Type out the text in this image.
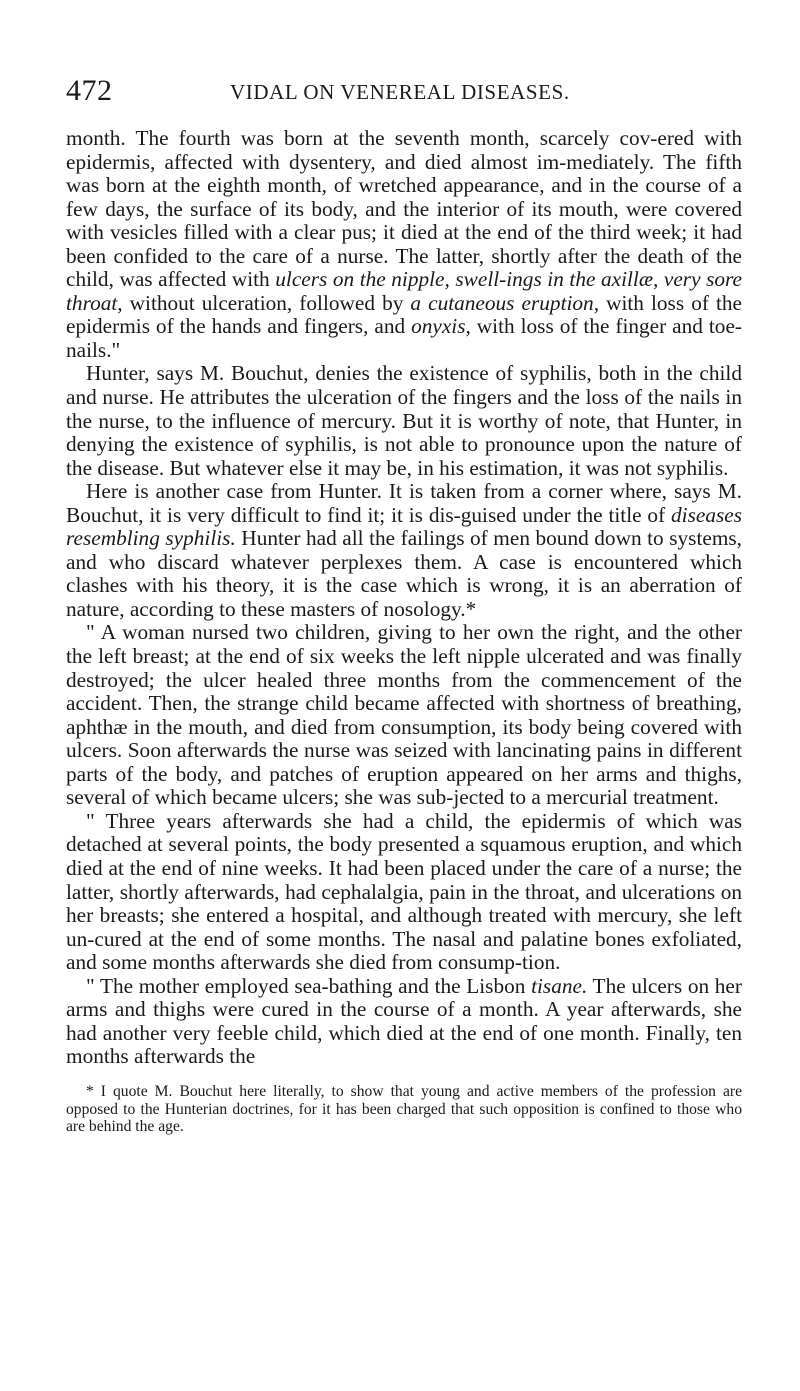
472	VIDAL ON VENEREAL DISEASES.

month. The fourth was born at the seventh month, scarcely cov-ered with epidermis, affected with dysentery, and died almost im-mediately. The fifth was born at the eighth month, of wretched appearance, and in the course of a few days, the surface of its body, and the interior of its mouth, were covered with vesicles filled with a clear pus; it died at the end of the third week; it had been confided to the care of a nurse. The latter, shortly after the death of the child, was affected with ulcers on the nipple, swell-ings in the axillæ, very sore throat, without ulceration, followed by a cutaneous eruption, with loss of the epidermis of the hands and fingers, and onyxis, with loss of the finger and toe-nails."

Hunter, says M. Bouchut, denies the existence of syphilis, both in the child and nurse. He attributes the ulceration of the fingers and the loss of the nails in the nurse, to the influence of mercury. But it is worthy of note, that Hunter, in denying the existence of syphilis, is not able to pronounce upon the nature of the disease. But whatever else it may be, in his estimation, it was not syphilis.

Here is another case from Hunter. It is taken from a corner where, says M. Bouchut, it is very difficult to find it; it is dis-guised under the title of diseases resembling syphilis. Hunter had all the failings of men bound down to systems, and who discard whatever perplexes them. A case is encountered which clashes with his theory, it is the case which is wrong, it is an aberration of nature, according to these masters of nosology.*

" A woman nursed two children, giving to her own the right, and the other the left breast; at the end of six weeks the left nipple ulcerated and was finally destroyed; the ulcer healed three months from the commencement of the accident. Then, the strange child became affected with shortness of breathing, aphthæ in the mouth, and died from consumption, its body being covered with ulcers. Soon afterwards the nurse was seized with lancinating pains in different parts of the body, and patches of eruption appeared on her arms and thighs, several of which became ulcers; she was sub-jected to a mercurial treatment.

" Three years afterwards she had a child, the epidermis of which was detached at several points, the body presented a squamous eruption, and which died at the end of nine weeks. It had been placed under the care of a nurse; the latter, shortly afterwards, had cephalalgia, pain in the throat, and ulcerations on her breasts; she entered a hospital, and although treated with mercury, she left un-cured at the end of some months. The nasal and palatine bones exfoliated, and some months afterwards she died from consump-tion.

" The mother employed sea-bathing and the Lisbon tisane. The ulcers on her arms and thighs were cured in the course of a month. A year afterwards, she had another very feeble child, which died at the end of one month. Finally, ten months afterwards the

* I quote M. Bouchut here literally, to show that young and active members of the profession are opposed to the Hunterian doctrines, for it has been charged that such opposition is confined to those who are behind the age.
